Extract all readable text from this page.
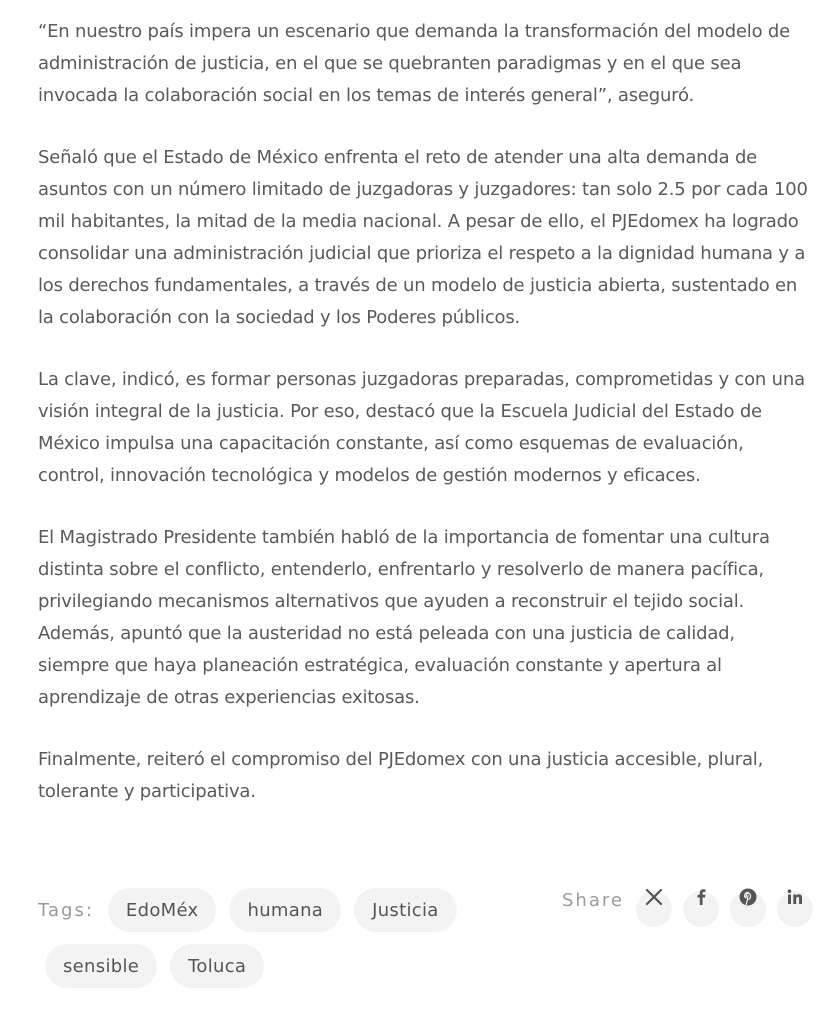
“En nuestro país impera un escenario que demanda la transformación del modelo de administración de justicia, en el que se quebranten paradigmas y en el que sea invocada la colaboración social en los temas de interés general”, aseguró.

Señaló que el Estado de México enfrenta el reto de atender una alta demanda de asuntos con un número limitado de juzgadoras y juzgadores: tan solo 2.5 por cada 100 mil habitantes, la mitad de la media nacional. A pesar de ello, el PJEdomex ha logrado consolidar una administración judicial que prioriza el respeto a la dignidad humana y a los derechos fundamentales, a través de un modelo de justicia abierta, sustentado en la colaboración con la sociedad y los Poderes públicos.

La clave, indicó, es formar personas juzgadoras preparadas, comprometidas y con una visión integral de la justicia. Por eso, destacó que la Escuela Judicial del Estado de México impulsa una capacitación constante, así como esquemas de evaluación, control, innovación tecnológica y modelos de gestión modernos y eficaces.

El Magistrado Presidente también habló de la importancia de fomentar una cultura distinta sobre el conflicto, entenderlo, enfrentarlo y resolverlo de manera pacífica, privilegiando mecanismos alternativos que ayuden a reconstruir el tejido social. Además, apuntó que la austeridad no está peleada con una justicia de calidad, siempre que haya planeación estratégica, evaluación constante y apertura al aprendizaje de otras experiencias exitosas.

Finalmente, reiteró el compromiso del PJEdomex con una justicia accesible, plural, tolerante y participativa.

Tags:	EdoMéx	humana	Justicia
sensible	Toluca
Share
